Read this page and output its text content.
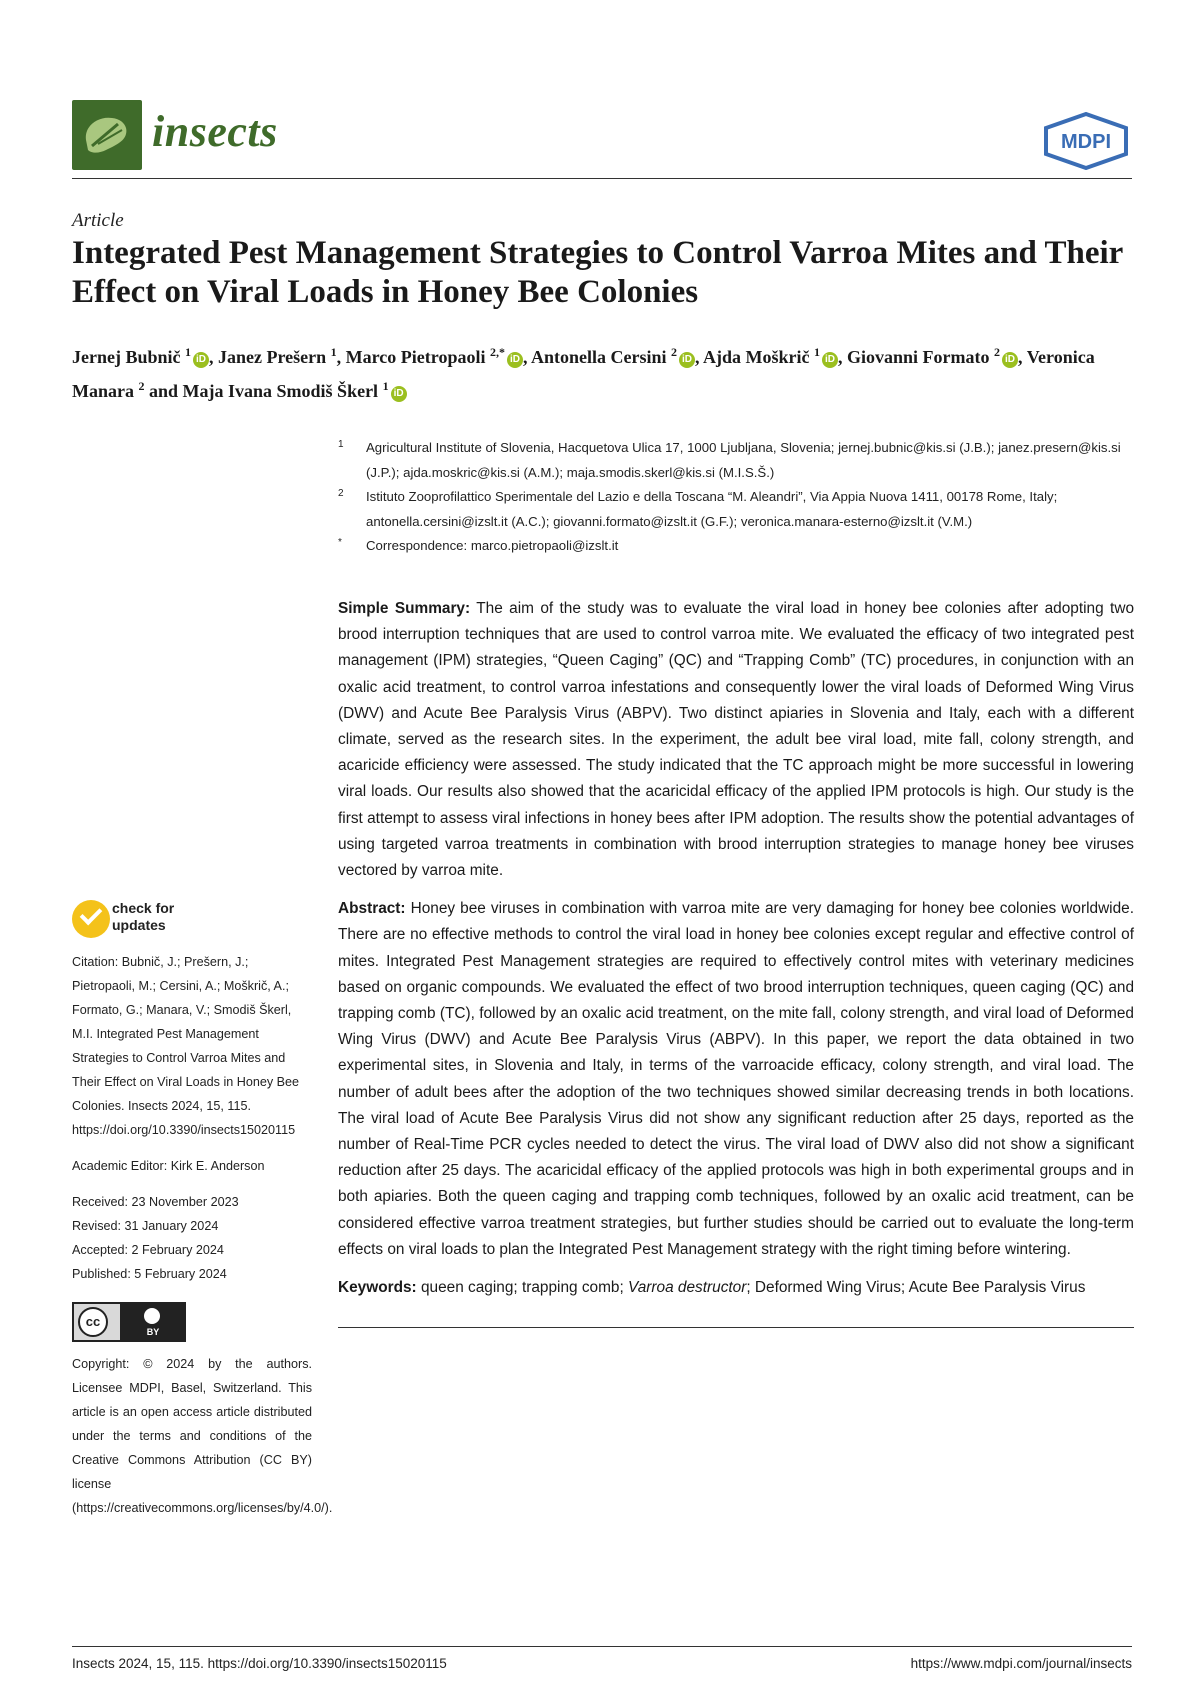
insects	MDPI
Article
Integrated Pest Management Strategies to Control Varroa Mites and Their Effect on Viral Loads in Honey Bee Colonies
Jernej Bubnič $^1$iD , Janez Prešern $^1$, Marco Pietropaoli $^{2,*}$iD , Antonella Cersini $^2$iD , Ajda Moškrič $^1$iD , Giovanni Formato $^2$iD , Veronica Manara $^2$ and Maja Ivana Smodiš Škerl $^1$iD
1 Agricultural Institute of Slovenia, Hacquetova Ulica 17, 1000 Ljubljana, Slovenia; jernej.bubnic@kis.si (J.B.); janez.presern@kis.si (J.P.); ajda.moskric@kis.si (A.M.); maja.smodis.skerl@kis.si (M.I.S.Š.)
2 Istituto Zooprofilattico Sperimentale del Lazio e della Toscana “M. Aleandri”, Via Appia Nuova 1411, 00178 Rome, Italy; antonella.cersini@izslt.it (A.C.); giovanni.formato@izslt.it (G.F.); veronica.manara-esterno@izslt.it (V.M.)
* Correspondence: marco.pietropaoli@izslt.it

Simple Summary: The aim of the study was to evaluate the viral load in honey bee colonies after adopting two brood interruption techniques that are used to control varroa mite. We evaluated the efficacy of two integrated pest management (IPM) strategies, “Queen Caging” (QC) and “Trapping Comb” (TC) procedures, in conjunction with an oxalic acid treatment, to control varroa infestations and consequently lower the viral loads of Deformed Wing Virus (DWV) and Acute Bee Paralysis Virus (ABPV). Two distinct apiaries in Slovenia and Italy, each with a different climate, served as the research sites. In the experiment, the adult bee viral load, mite fall, colony strength, and acaricide efficiency were assessed. The study indicated that the TC approach might be more successful in lowering viral loads. Our results also showed that the acaricidal efficacy of the applied IPM protocols is high. Our study is the first attempt to assess viral infections in honey bees after IPM adoption. The results show the potential advantages of using targeted varroa treatments in combination with brood interruption strategies to manage honey bee viruses vectored by varroa mite.

Abstract: Honey bee viruses in combination with varroa mite are very damaging for honey bee colonies worldwide. There are no effective methods to control the viral load in honey bee colonies except regular and effective control of mites. Integrated Pest Management strategies are required to effectively control mites with veterinary medicines based on organic compounds. We evaluated the effect of two brood interruption techniques, queen caging (QC) and trapping comb (TC), followed by an oxalic acid treatment, on the mite fall, colony strength, and viral load of Deformed Wing Virus (DWV) and Acute Bee Paralysis Virus (ABPV). In this paper, we report the data obtained in two experimental sites, in Slovenia and Italy, in terms of the varroacide efficacy, colony strength, and viral load. The number of adult bees after the adoption of the two techniques showed similar decreasing trends in both locations. The viral load of Acute Bee Paralysis Virus did not show any significant reduction after 25 days, reported as the number of Real-Time PCR cycles needed to detect the virus. The viral load of DWV also did not show a significant reduction after 25 days. The acaricidal efficacy of the applied protocols was high in both experimental groups and in both apiaries. Both the queen caging and trapping comb techniques, followed by an oxalic acid treatment, can be considered effective varroa treatment strategies, but further studies should be carried out to evaluate the long-term effects on viral loads to plan the Integrated Pest Management strategy with the right timing before wintering.

Keywords: queen caging; trapping comb; Varroa destructor; Deformed Wing Virus; Acute Bee Paralysis Virus

check for
updates
Citation: Bubnič, J.; Prešern, J.; Pietropaoli, M.; Cersini, A.; Moškrič, A.; Formato, G.; Manara, V.; Smodiš Škerl, M.I. Integrated Pest Management Strategies to Control Varroa Mites and Their Effect on Viral Loads in Honey Bee Colonies. Insects 2024, 15, 115. https://doi.org/10.3390/insects15020115
Academic Editor: Kirk E. Anderson
Received: 23 November 2023
Revised: 31 January 2024
Accepted: 2 February 2024
Published: 5 February 2024
cc
BY
Copyright: © 2024 by the authors. Licensee MDPI, Basel, Switzerland. This article is an open access article distributed under the terms and conditions of the Creative Commons Attribution (CC BY) license (https://creativecommons.org/licenses/by/4.0/).
Insects 2024, 15, 115. https://doi.org/10.3390/insects15020115	https://www.mdpi.com/journal/insects
